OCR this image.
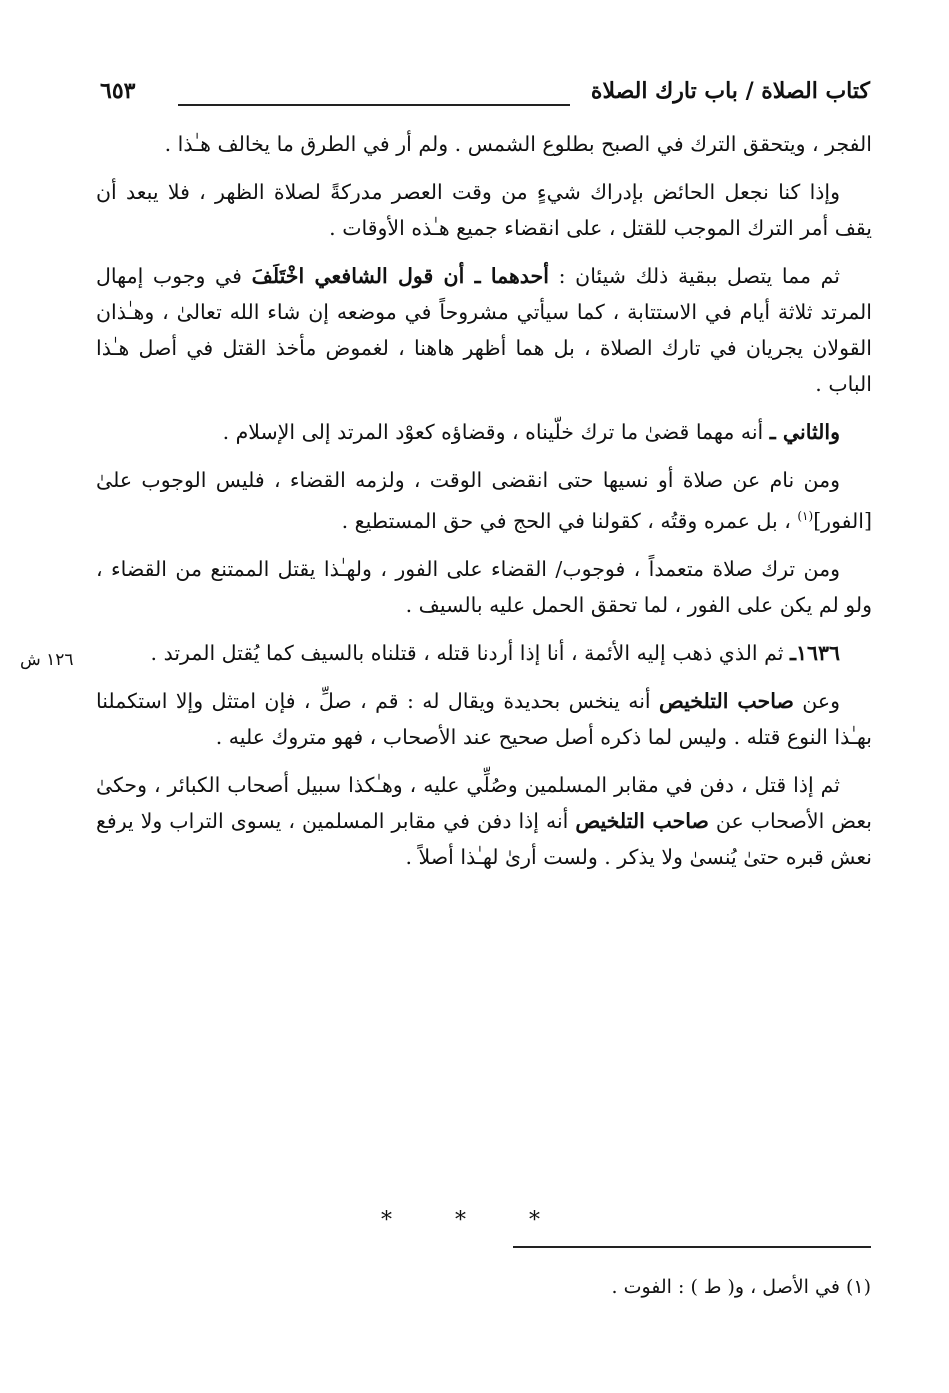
كتاب الصلاة / باب تارك الصلاة
٦٥٣
١٢٦ ش

الفجر ، ويتحقق الترك في الصبح بطلوع الشمس . ولم أر في الطرق ما يخالف هـٰذا .

وإذا كنا نجعل الحائض بإدراك شيءٍ من وقت العصر مدركةً لصلاة الظهر ، فلا يبعد أن يقف أمر الترك الموجب للقتل ، على انقضاء جميع هـٰذه الأوقات .

ثم مما يتصل ببقية ذلك شيئان : أحدهما ـ أن قول الشافعي اخْتَلَفَ في وجوب إمهال المرتد ثلاثة أيام في الاستتابة ، كما سيأتي مشروحاً في موضعه إن شاء الله تعالىٰ ، وهـٰذان القولان يجريان في تارك الصلاة ، بل هما أظهر هاهنا ، لغموض مأخذ القتل في أصل هـٰذا الباب .

والثاني ـ أنه مهما قضىٰ ما ترك خلّيناه ، وقضاؤه كعوْد المرتد إلى الإسلام .

ومن نام عن صلاة أو نسيها حتى انقضى الوقت ، ولزمه القضاء ، فليس الوجوب علىٰ [الفور]$^{(١)}$ ، بل عمره وقتُه ، كقولنا في الحج في حق المستطيع .

ومن ترك صلاة متعمداً ، فوجوب/ القضاء على الفور ، ولهـٰذا يقتل الممتنع من القضاء ، ولو لم يكن على الفور ، لما تحقق الحمل عليه بالسيف .

١٦٣٦ـ ثم الذي ذهب إليه الأئمة ، أنا إذا أردنا قتله ، قتلناه بالسيف كما يُقتل المرتد .

وعن صاحب التلخيص أنه ينخس بحديدة ويقال له : قم ، صلِّ ، فإن امتثل وإلا استكملنا بهـٰذا النوع قتله . وليس لما ذكره أصل صحيح عند الأصحاب ، فهو متروك عليه .

ثم إذا قتل ، دفن في مقابر المسلمين وصُلِّي عليه ، وهـٰكذا سبيل أصحاب الكبائر ، وحكىٰ بعض الأصحاب عن صاحب التلخيص أنه إذا دفن في مقابر المسلمين ، يسوى التراب ولا يرفع نعش قبره حتىٰ يُنسىٰ ولا يذكر . ولست أرىٰ لهـٰذا أصلاً .

* * *
(١) في الأصل ، و( ط ) : الفوت .
